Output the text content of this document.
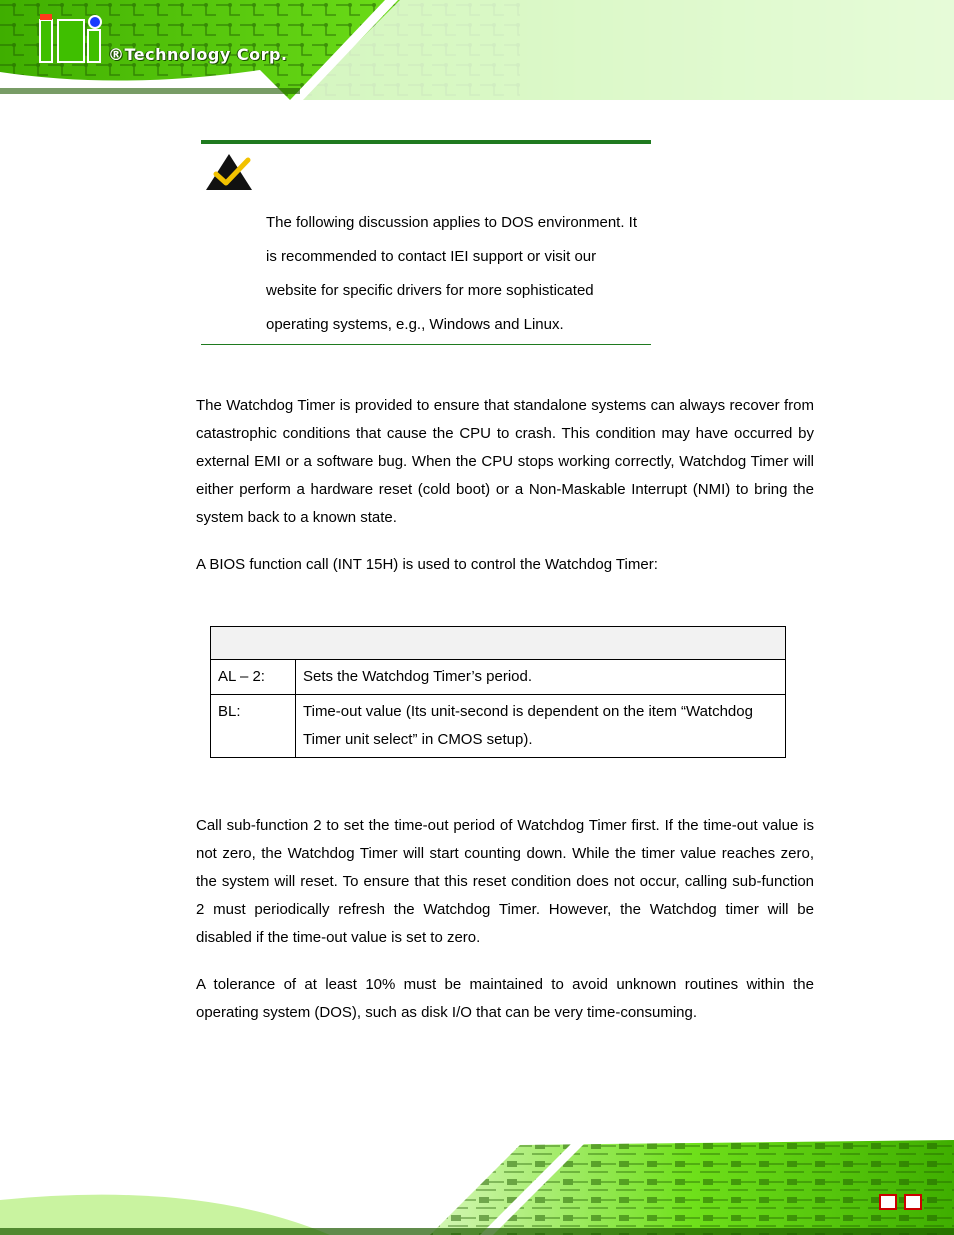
®Technology Corp.

The following discussion applies to DOS environment. It
is recommended to contact IEI support or visit our
website for specific drivers for more sophisticated
operating systems, e.g., Windows and Linux.

The Watchdog Timer is provided to ensure that standalone systems can always recover from catastrophic conditions that cause the CPU to crash. This condition may have occurred by external EMI or a software bug. When the CPU stops working correctly, Watchdog Timer will either perform a hardware reset (cold boot) or a Non-Maskable Interrupt (NMI) to bring the system back to a known state.

A BIOS function call (INT 15H) is used to control the Watchdog Timer:

AL – 2:	Sets the Watchdog Timer’s period.
BL:	Time-out value (Its unit-second is dependent on the item “Watchdog Timer unit select” in CMOS setup).

Call sub-function 2 to set the time-out period of Watchdog Timer first. If the time-out value is not zero, the Watchdog Timer will start counting down. While the timer value reaches zero, the system will reset. To ensure that this reset condition does not occur, calling sub-function 2 must periodically refresh the Watchdog Timer. However, the Watchdog timer will be disabled if the time-out value is set to zero.

A tolerance of at least 10% must be maintained to avoid unknown routines within the operating system (DOS), such as disk I/O that can be very time-consuming.
